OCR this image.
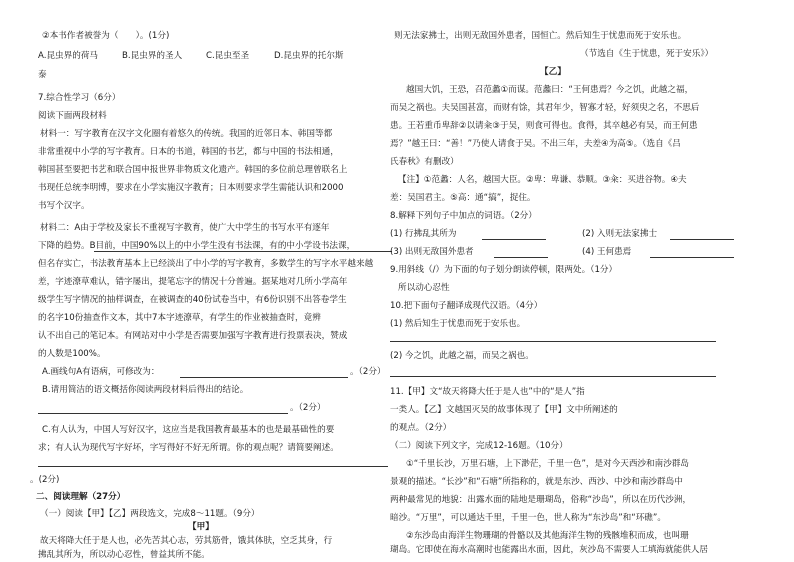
②本书作者被誉为（　　）。(1分)
A.昆虫界的荷马	B.昆虫界的圣人	C.昆虫至圣	D.昆虫界的托尔斯
泰
7.综合性学习（6分）
阅读下面两段材料
材料一：写字教育在汉字文化圈有着悠久的传统。我国的近邻日本、韩国等都
非常重视中小学的写字教育。日本的书道，韩国的书艺，都与中国的书法相通，
韩国甚至要把书艺和联合国申报世界非物质文化遗产。韩国的多位前总理曾联名上
书现任总统李明博，要求在小学实施汉字教育；日本则要求学生需能认识和2000
书写个汉字。
材料二：A由于学校及家长不重视写字教育，使广大中学生的书写水平有逐年
下降的趋势。B目前，中国90%以上的中小学生没有书法课，有的中小学设书法课，
但名存实亡，书法教育基本上已经淡出了中小学的写字教育，多数学生的写字水平越来越
差，字迹潦草难认，错字屡出，提笔忘字的情况十分普遍。据某地对几所小学高年
级学生写字情况的抽样调查，在被调查的40份试卷当中，有6份识别不出答卷学生
的名字10份抽查作文本，其中7本字迹潦草，有学生的作业被抽查时，竟辨
认不出自己的笔记本。有网站对中小学是否需要加强写字教育进行投票表决，赞成
的人数是100%。
A.画线句A有语病，可修改为：	。（2分）
B.请用简洁的语文概括你阅读两段材料后得出的结论。
。（2分）
C.有人认为，中国人写好汉字，这应当是我国教育最基本的也是最基础性的要
求；有人认为现代写字好坏，字写得好不好无所谓。你的观点呢？请简要阐述。
。(2分)
二、阅读理解（27分）
（一）阅读【甲】【乙】两段选文，完成8～11题。（9分）
【甲】
故天将降大任于是人也，必先苦其心志，劳其筋骨，饿其体肤，空乏其身，行
拂乱其所为，所以动心忍性，曾益其所不能。
则无法家拂士，出则无敌国外患者，国恒亡。然后知生于忧患而死于安乐也。
（节选自《生于忧患，死于安乐》）
【乙】
越国大饥，王恐，召范蠡①而谋。范蠡曰：“王何患焉？今之饥，此越之福，
而吴之祸也。夫吴国甚富，而财有馀，其君年少，智寡才轻，好须臾之名，不思后
患。王若重币卑辞②以请籴③于吴，则食可得也。食得，其卒越必有吴，而王何患
焉？”越王曰：“善！”乃使人请食于吴。不出三年，夫差④为高⑤。（选自《吕
氏春秋》有删改）
【注】①范蠡：人名，越国大臣。②卑：卑谦、恭顺。③籴：买进谷物。④夫
差：吴国君主。⑤高：通“搞”，捉住。
8.解释下列句子中加点的词语。（2分）
(1) 行拂乱其所为	(2) 入则无法家拂士
(3) 出则无敌国外患者	(4) 王何患焉
9.用斜线（/）为下面的句子划分朗读停顿，限两处。（1分）
所以动心忍性
10.把下面句子翻译成现代汉语。（4分）
(1) 然后知生于忧患而死于安乐也。
(2) 今之饥，此越之福，而吴之祸也。
11.【甲】文“故天将降大任于是人也”中的“是人”指
一类人。【乙】文越国灭吴的故事体现了【甲】文中所阐述的
的观点。（2分）
（二）阅读下列文字，完成12-16题。（10分）
①“千里长沙，万里石塘，上下渺茫，千里一色”，是对今天西沙和南沙群岛
景观的描述。“长沙”和“石塘”所指称的，就是东沙、西沙、中沙和南沙群岛中
两种最常见的地貌：出露水面的陆地是珊瑚岛，俗称“沙岛”，所以在历代沙洲，
暗沙。“万里”，可以通达千里，千里一色，世人称为“东沙岛”和“环礁”。
②东沙岛由海洋生物珊瑚的骨骼以及其他海洋生物的残骸堆积而成，也叫珊
瑚岛。它即使在海水高潮时也能露出水面，因此，灰沙岛不需要人工填海就能供人居
